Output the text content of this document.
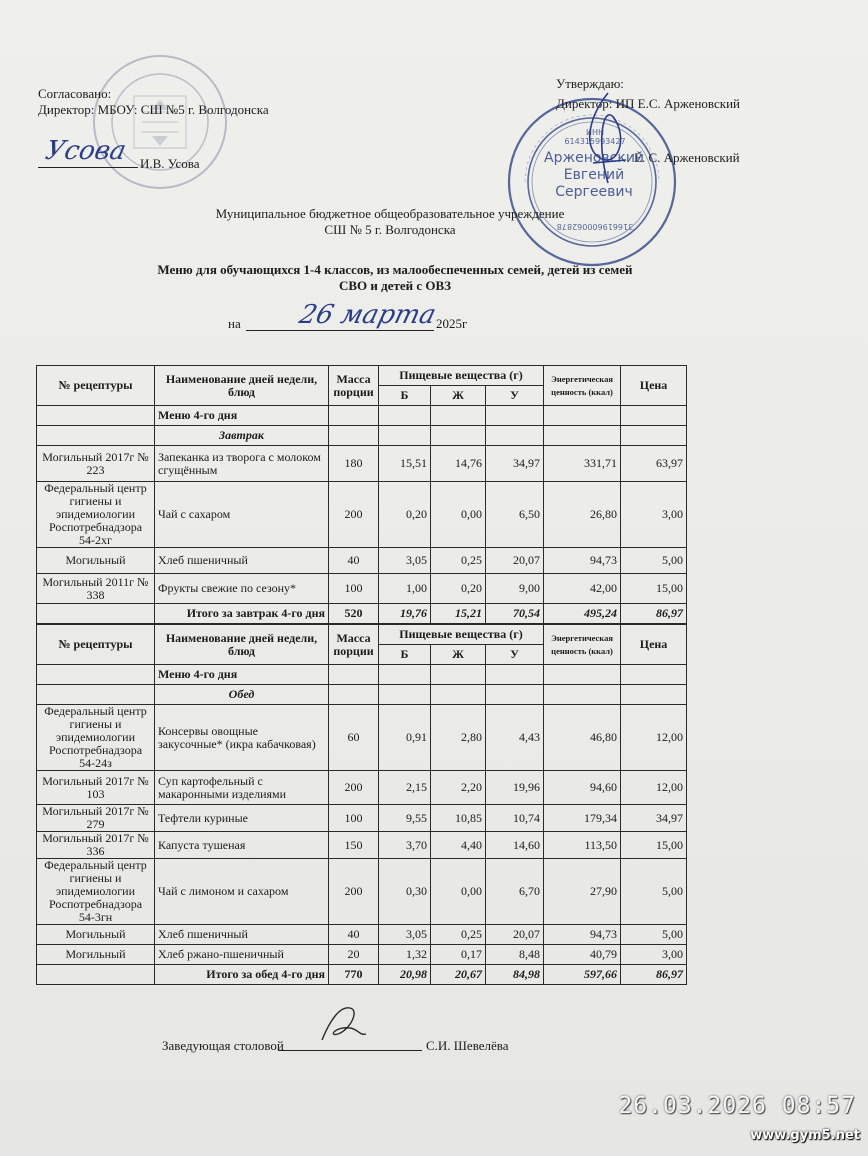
Согласовано:
Директор: МБОУ: СШ №5 г. Волгодонска
Усова И.В. Усова
Утверждаю:
Директор: ИП Е.С. Арженовский
Е. С. Арженовский
Арженовский
Евгений
Сергеевич
ИНН 614315993427
316619600062878
Муниципальное бюджетное общеобразовательное учреждение
СШ № 5 г. Волгодонска
Меню для обучающихся 1-4 классов, из малообеспеченных семей, детей из семей
СВО и детей с ОВЗ
на 26 марта
2025г
№ рецептуры	Наименование дней недели, блюд	Масса порции	Пищевые вещества (г)			Энергетическая ценность (ккал)	Цена
			Б	Ж	У		
	Меню 4-го дня						
	Завтрак						
Могильный 2017г № 223	Запеканка из творога с молоком сгущённым	180	15,51	14,76	34,97	331,71	63,97
Федеральный центр гигиены и эпидемиологии Роспотребнадзора 54-2хг	Чай с сахаром	200	0,20	0,00	6,50	26,80	3,00
Могильный	Хлеб пшеничный	40	3,05	0,25	20,07	94,73	5,00
Могильный 2011г № 338	Фрукты свежие по сезону*	100	1,00	0,20	9,00	42,00	15,00
	Итого за завтрак 4-го дня	520	19,76	15,21	70,54	495,24	86,97
№ рецептуры	Наименование дней недели, блюд	Масса порции	Пищевые вещества (г)			Энергетическая ценность (ккал)	Цена
			Б	Ж	У		
	Меню 4-го дня						
	Обед						
Федеральный центр гигиены и эпидемиологии Роспотребнадзора 54-24з	Консервы овощные закусочные* (икра кабачковая)	60	0,91	2,80	4,43	46,80	12,00
Могильный 2017г № 103	Суп картофельный с макаронными изделиями	200	2,15	2,20	19,96	94,60	12,00
Могильный 2017г № 279	Тефтели куриные	100	9,55	10,85	10,74	179,34	34,97
Могильный 2017г № 336	Капуста тушеная	150	3,70	4,40	14,60	113,50	15,00
Федеральный центр гигиены и эпидемиологии Роспотребнадзора 54-3гн	Чай с лимоном и сахаром	200	0,30	0,00	6,70	27,90	5,00
Могильный	Хлеб пшеничный	40	3,05	0,25	20,07	94,73	5,00
Могильный	Хлеб ржано-пшеничный	20	1,32	0,17	8,48	40,79	3,00
	Итого за обед 4-го дня	770	20,98	20,67	84,98	597,66	86,97
Заведующая столовой	С.И. Шевелёва
26.03.2026 08:57
www.gym5.net
